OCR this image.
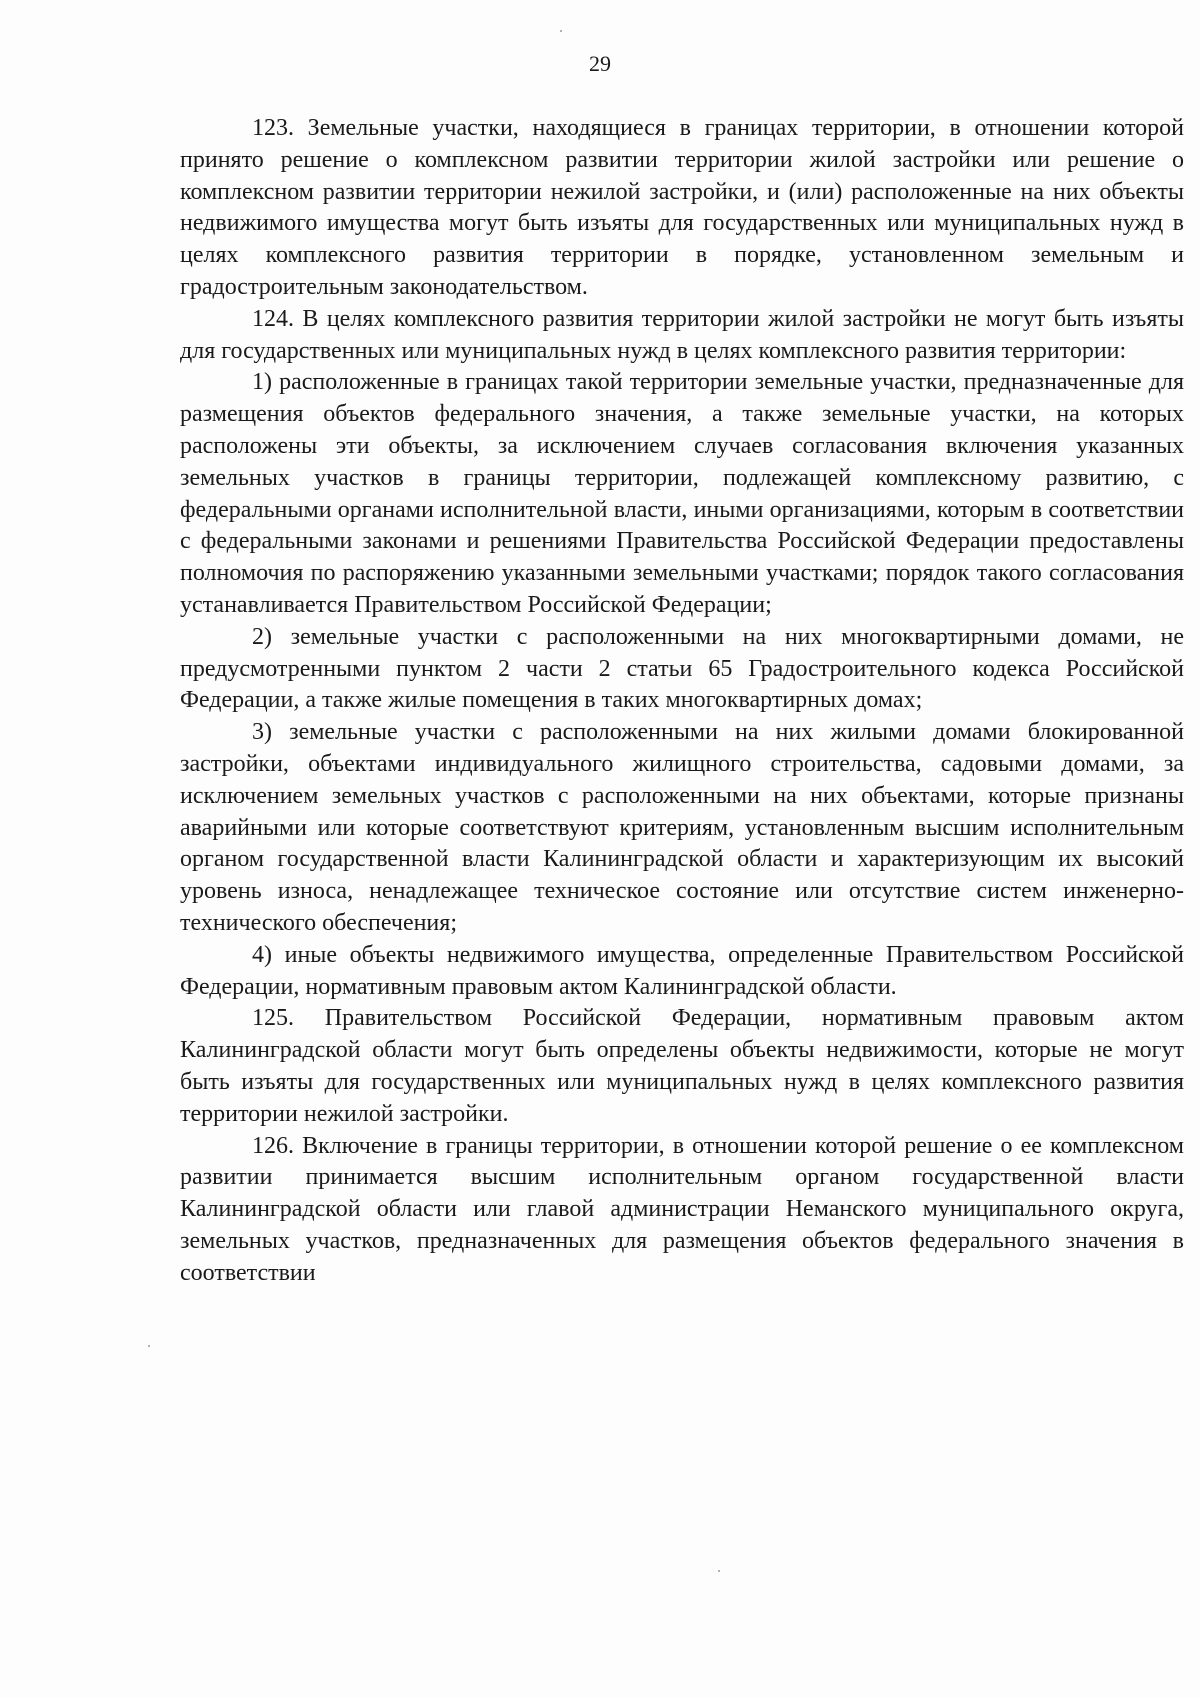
29

123. Земельные участки, находящиеся в границах территории, в отношении которой принято решение о комплексном развитии территории жилой застройки или решение о комплексном развитии территории нежилой застройки, и (или) расположенные на них объекты недвижимого имущества могут быть изъяты для государственных или муниципальных нужд в целях комплексного развития территории в порядке, установленном земельным и градостроительным законодательством.

124. В целях комплексного развития территории жилой застройки не могут быть изъяты для государственных или муниципальных нужд в целях комплексного развития территории:

1) расположенные в границах такой территории земельные участки, предназначенные для размещения объектов федерального значения, а также земельные участки, на которых расположены эти объекты, за исключением случаев согласования включения указанных земельных участков в границы территории, подлежащей комплексному развитию, с федеральными органами исполнительной власти, иными организациями, которым в соответствии с федеральными законами и решениями Правительства Российской Федерации предоставлены полномочия по распоряжению указанными земельными участками; порядок такого согласования устанавливается Правительством Российской Федерации;

2) земельные участки с расположенными на них многоквартирными домами, не предусмотренными пунктом 2 части 2 статьи 65 Градостроительного кодекса Российской Федерации, а также жилые помещения в таких многоквартирных домах;

3) земельные участки с расположенными на них жилыми домами блокированной застройки, объектами индивидуального жилищного строительства, садовыми домами, за исключением земельных участков с расположенными на них объектами, которые признаны аварийными или которые соответствуют критериям, установленным высшим исполнительным органом государственной власти Калининградской области и характеризующим их высокий уровень износа, ненадлежащее техническое состояние или отсутствие систем инженерно-технического обеспечения;

4) иные объекты недвижимого имущества, определенные Правительством Российской Федерации, нормативным правовым актом Калининградской области.

125. Правительством Российской Федерации, нормативным правовым актом Калининградской области могут быть определены объекты недвижимости, которые не могут быть изъяты для государственных или муниципальных нужд в целях комплексного развития территории нежилой застройки.

126. Включение в границы территории, в отношении которой решение о ее комплексном развитии принимается высшим исполнительным органом государственной власти Калининградской области или главой администрации Неманского муниципального округа, земельных участков, предназначенных для размещения объектов федерального значения в соответствии
